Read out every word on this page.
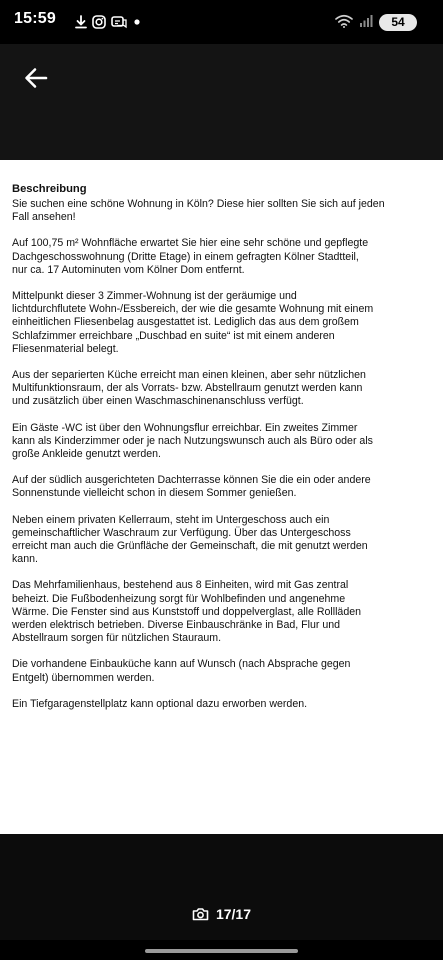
15:59	54
Beschreibung

Sie suchen eine schöne Wohnung in Köln? Diese hier sollten Sie sich auf jeden
Fall ansehen!

Auf 100,75 m² Wohnfläche erwartet Sie hier eine sehr schöne und gepflegte
Dachgeschosswohnung (Dritte Etage) in einem gefragten Kölner Stadtteil,
nur ca. 17 Autominuten vom Kölner Dom entfernt.

Mittelpunkt dieser 3 Zimmer-Wohnung ist der geräumige und
lichtdurchflutete Wohn-/Essbereich, der wie die gesamte Wohnung mit einem
einheitlichen Fliesenbelag ausgestattet ist. Lediglich das aus dem großem
Schlafzimmer erreichbare „Duschbad en suite“ ist mit einem anderen
Fliesenmaterial belegt.

Aus der separierten Küche erreicht man einen kleinen, aber sehr nützlichen
Multifunktionsraum, der als Vorrats- bzw. Abstellraum genutzt werden kann
und zusätzlich über einen Waschmaschinenanschluss verfügt.

Ein Gäste -WC ist über den Wohnungsflur erreichbar. Ein zweites Zimmer
kann als Kinderzimmer oder je nach Nutzungswunsch auch als Büro oder als
große Ankleide genutzt werden.

Auf der südlich ausgerichteten Dachterrasse können Sie die ein oder andere
Sonnenstunde vielleicht schon in diesem Sommer genießen.

Neben einem privaten Kellerraum, steht im Untergeschoss auch ein
gemeinschaftlicher Waschraum zur Verfügung. Über das Untergeschoss
erreicht man auch die Grünfläche der Gemeinschaft, die mit genutzt werden
kann.

Das Mehrfamilienhaus, bestehend aus 8 Einheiten, wird mit Gas zentral
beheizt. Die Fußbodenheizung sorgt für Wohlbefinden und angenehme
Wärme. Die Fenster sind aus Kunststoff und doppelverglast, alle Rollläden
werden elektrisch betrieben. Diverse Einbauschränke in Bad, Flur und
Abstellraum sorgen für nützlichen Stauraum.

Die vorhandene Einbauküche kann auf Wunsch (nach Absprache gegen
Entgelt) übernommen werden.

Ein Tiefgaragenstellplatz kann optional dazu erworben werden.

17/17
